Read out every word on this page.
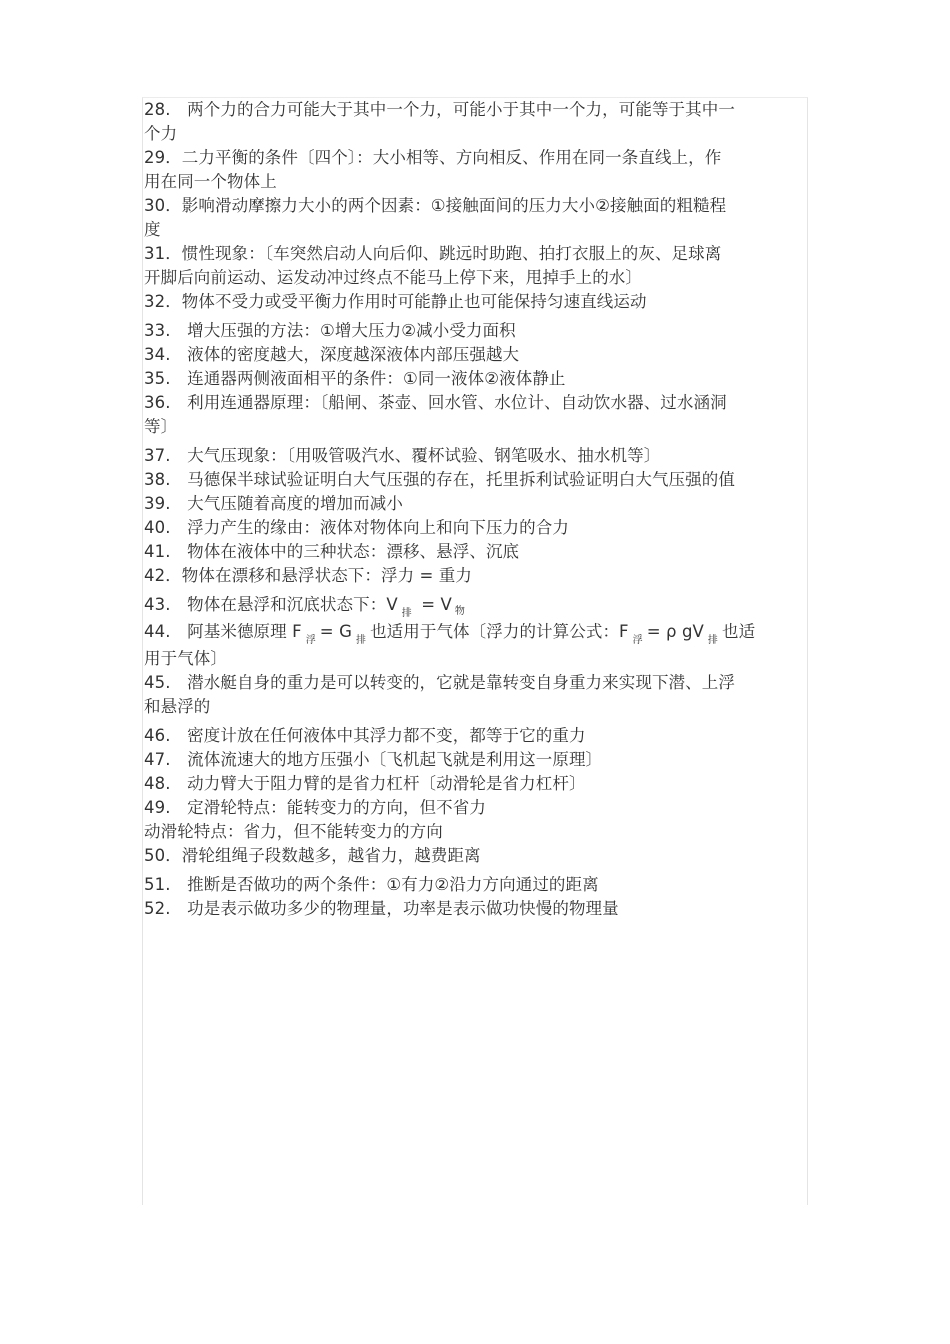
28.　两个力的合力可能大于其中一个力，可能小于其中一个力，可能等于其中一
个力
29．二力平衡的条件〔四个〕：大小相等、方向相反、作用在同一条直线上，作
用在同一个物体上
30．影响滑动摩擦力大小的两个因素：①接触面间的压力大小②接触面的粗糙程
度
31．惯性现象：〔车突然启动人向后仰、跳远时助跑、拍打衣服上的灰、足球离
开脚后向前运动、运发动冲过终点不能马上停下来，甩掉手上的水〕
32．物体不受力或受平衡力作用时可能静止也可能保持匀速直线运动
33.　增大压强的方法：①增大压力②减小受力面积
34.　液体的密度越大，深度越深液体内部压强越大
35.　连通器两侧液面相平的条件：①同一液体②液体静止
36.　利用连通器原理：〔船闸、茶壶、回水管、水位计、自动饮水器、过水涵洞
等〕
37.　大气压现象：〔用吸管吸汽水、覆杯试验、钢笔吸水、抽水机等〕
38.　马德保半球试验证明白大气压强的存在，托里拆利试验证明白大气压强的值
39.　大气压随着高度的增加而减小
40.　浮力产生的缘由：液体对物体向上和向下压力的合力
41.　物体在液体中的三种状态：漂移、悬浮、沉底
42．物体在漂移和悬浮状态下：浮力 = 重力
43.　物体在悬浮和沉底状态下：V $_排$ = V $_物$
44.　阿基米德原理 F $_浮$ = G $_排$ 也适用于气体〔浮力的计算公式：F $_浮$ = ρ gV $_排$ 也适
用于气体〕
45.　潜水艇自身的重力是可以转变的，它就是靠转变自身重力来实现下潜、上浮
和悬浮的
46.　密度计放在任何液体中其浮力都不变，都等于它的重力
47.　流体流速大的地方压强小〔飞机起飞就是利用这一原理〕
48.　动力臂大于阻力臂的是省力杠杆〔动滑轮是省力杠杆〕
49.　定滑轮特点：能转变力的方向，但不省力
动滑轮特点：省力，但不能转变力的方向
50．滑轮组绳子段数越多，越省力，越费距离
51.　推断是否做功的两个条件：①有力②沿力方向通过的距离
52.　功是表示做功多少的物理量，功率是表示做功快慢的物理量
